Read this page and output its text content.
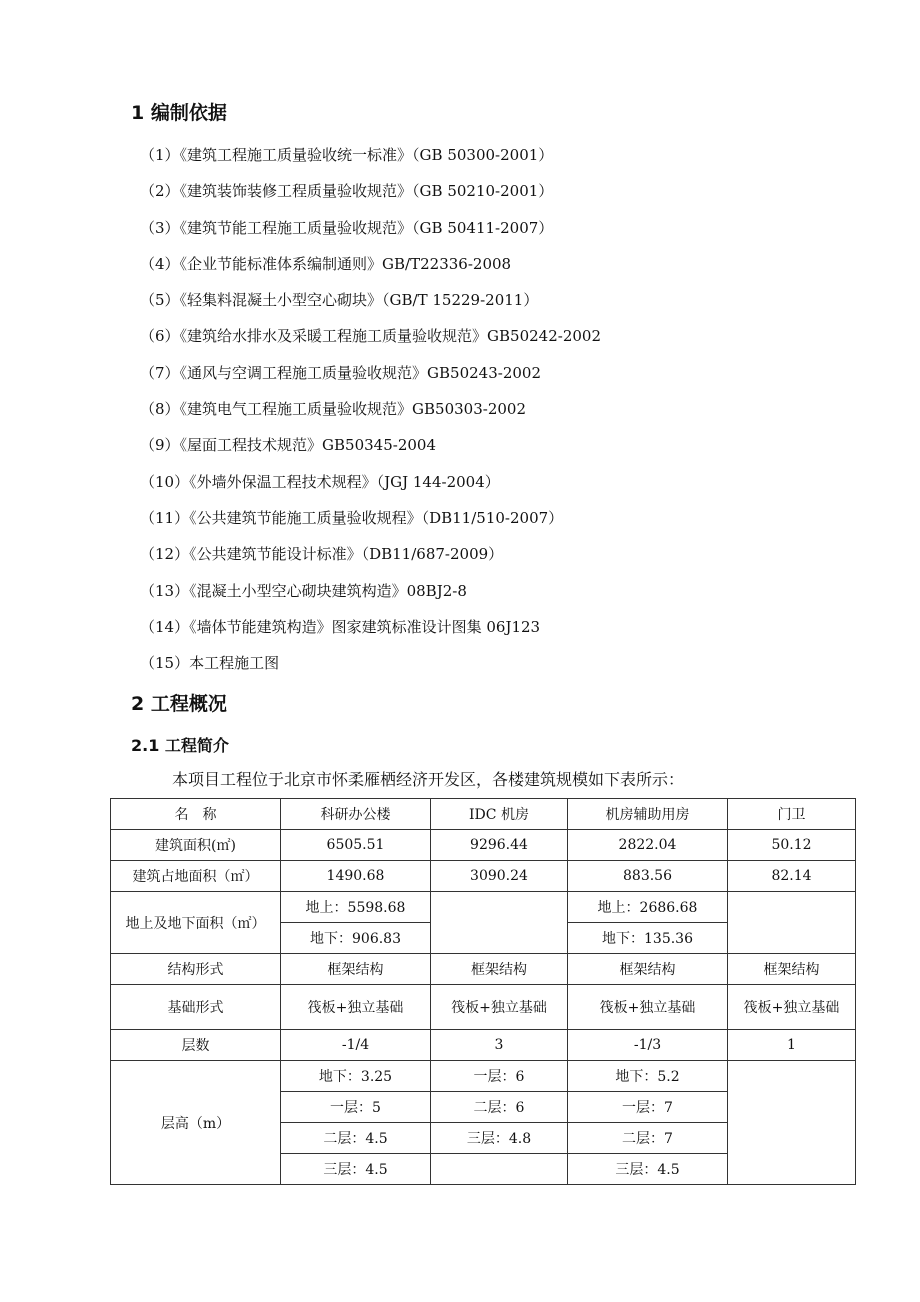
1 编制依据
（1）《建筑工程施工质量验收统一标准》（GB 50300-2001）
（2）《建筑装饰装修工程质量验收规范》（GB 50210-2001）
（3）《建筑节能工程施工质量验收规范》（GB 50411-2007）
（4）《企业节能标准体系编制通则》GB/T22336-2008
（5）《轻集料混凝土小型空心砌块》（GB/T 15229-2011）
（6）《建筑给水排水及采暖工程施工质量验收规范》GB50242-2002
（7）《通风与空调工程施工质量验收规范》GB50243-2002
（8）《建筑电气工程施工质量验收规范》GB50303-2002
（9）《屋面工程技术规范》GB50345-2004
（10）《外墙外保温工程技术规程》（JGJ 144-2004）
（11）《公共建筑节能施工质量验收规程》（DB11/510-2007）
（12）《公共建筑节能设计标准》（DB11/687-2009）
（13）《混凝土小型空心砌块建筑构造》08BJ2-8
（14）《墙体节能建筑构造》图家建筑标准设计图集 06J123
（15）本工程施工图
2 工程概况
2.1 工程简介

本项目工程位于北京市怀柔雁栖经济开发区，各楼建筑规模如下表所示：

名　称	科研办公楼	IDC 机房	机房辅助用房	门卫
建筑面积(㎡)	6505.51	9296.44	2822.04	50.12
建筑占地面积（㎡）	1490.68	3090.24	883.56	82.14
地上及地下面积（㎡）	地上：5598.68		地上：2686.68	
	地下：906.83		地下：135.36	
结构形式	框架结构	框架结构	框架结构	框架结构
基础形式	筏板+独立基础	筏板+独立基础	筏板+独立基础	筏板+独立基础
层数	-1/4	3	-1/3	1
层高（m）	地下：3.25	一层：6	地下：5.2	
	一层：5	二层：6	一层：7	
	二层：4.5	三层：4.8	二层：7	
	三层：4.5		三层：4.5	
